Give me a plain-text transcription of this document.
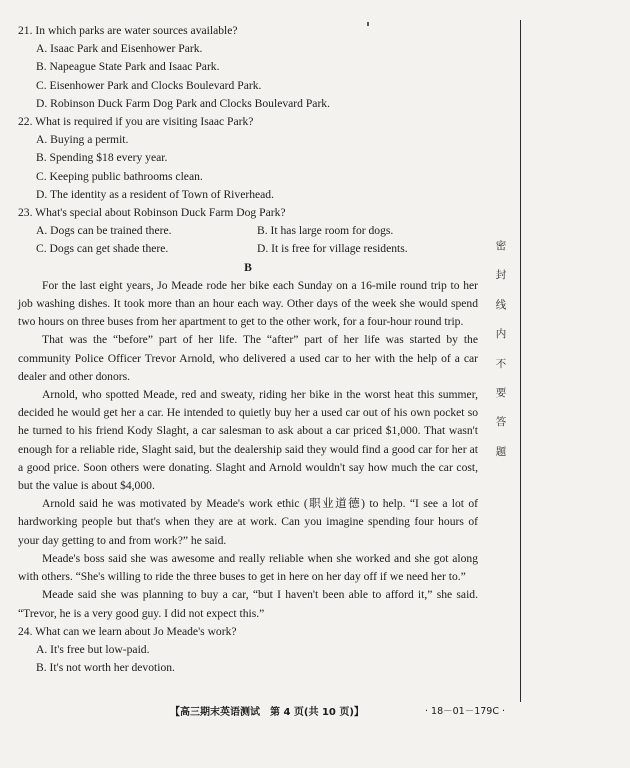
21. In which parks are water sources available?

A. Isaac Park and Eisenhower Park.

B. Napeague State Park and Isaac Park.

C. Eisenhower Park and Clocks Boulevard Park.

D. Robinson Duck Farm Dog Park and Clocks Boulevard Park.

22. What is required if you are visiting Isaac Park?

A. Buying a permit.

B. Spending $18 every year.

C. Keeping public bathrooms clean.

D. The identity as a resident of Town of Riverhead.

23. What's special about Robinson Duck Farm Dog Park?

A. Dogs can be trained there.	B. It has large room for dogs.
C. Dogs can get shade there.	D. It is free for village residents.

B

For the last eight years, Jo Meade rode her bike each Sunday on a 16-mile round trip to her job washing dishes. It took more than an hour each way. Other days of the week she would spend two hours on three buses from her apartment to get to the other work, for a four-hour round trip.

That was the “before” part of her life. The “after” part of her life was started by the community Police Officer Trevor Arnold, who delivered a used car to her with the help of a car dealer and other donors.

Arnold, who spotted Meade, red and sweaty, riding her bike in the worst heat this summer, decided he would get her a car. He intended to quietly buy her a used car out of his own pocket so he turned to his friend Kody Slaght, a car salesman to ask about a car priced $1,000. That wasn't enough for a reliable ride, Slaght said, but the dealership said they would find a good car for her at a good price. Soon others were donating. Slaght and Arnold wouldn't say how much the car cost, but the value is about $4,000.

Arnold said he was motivated by Meade's work ethic (职业道德) to help. “I see a lot of hardworking people but that's when they are at work. Can you imagine spending four hours of your day getting to and from work?” he said.

Meade's boss said she was awesome and really reliable when she worked and she got along with others. “She's willing to ride the three buses to get in here on her day off if we need her to.”

Meade said she was planning to buy a car, “but I haven't been able to afford it,” she said. “Trevor, he is a very good guy. I did not expect this.”

24. What can we learn about Jo Meade's work?

A. It's free but low-paid.

B. It's not worth her devotion.

密
封
线
内
不
要
答
题
【高三期末英语测试　第 4 页(共 10 页)】	· 18－01－179C ·
